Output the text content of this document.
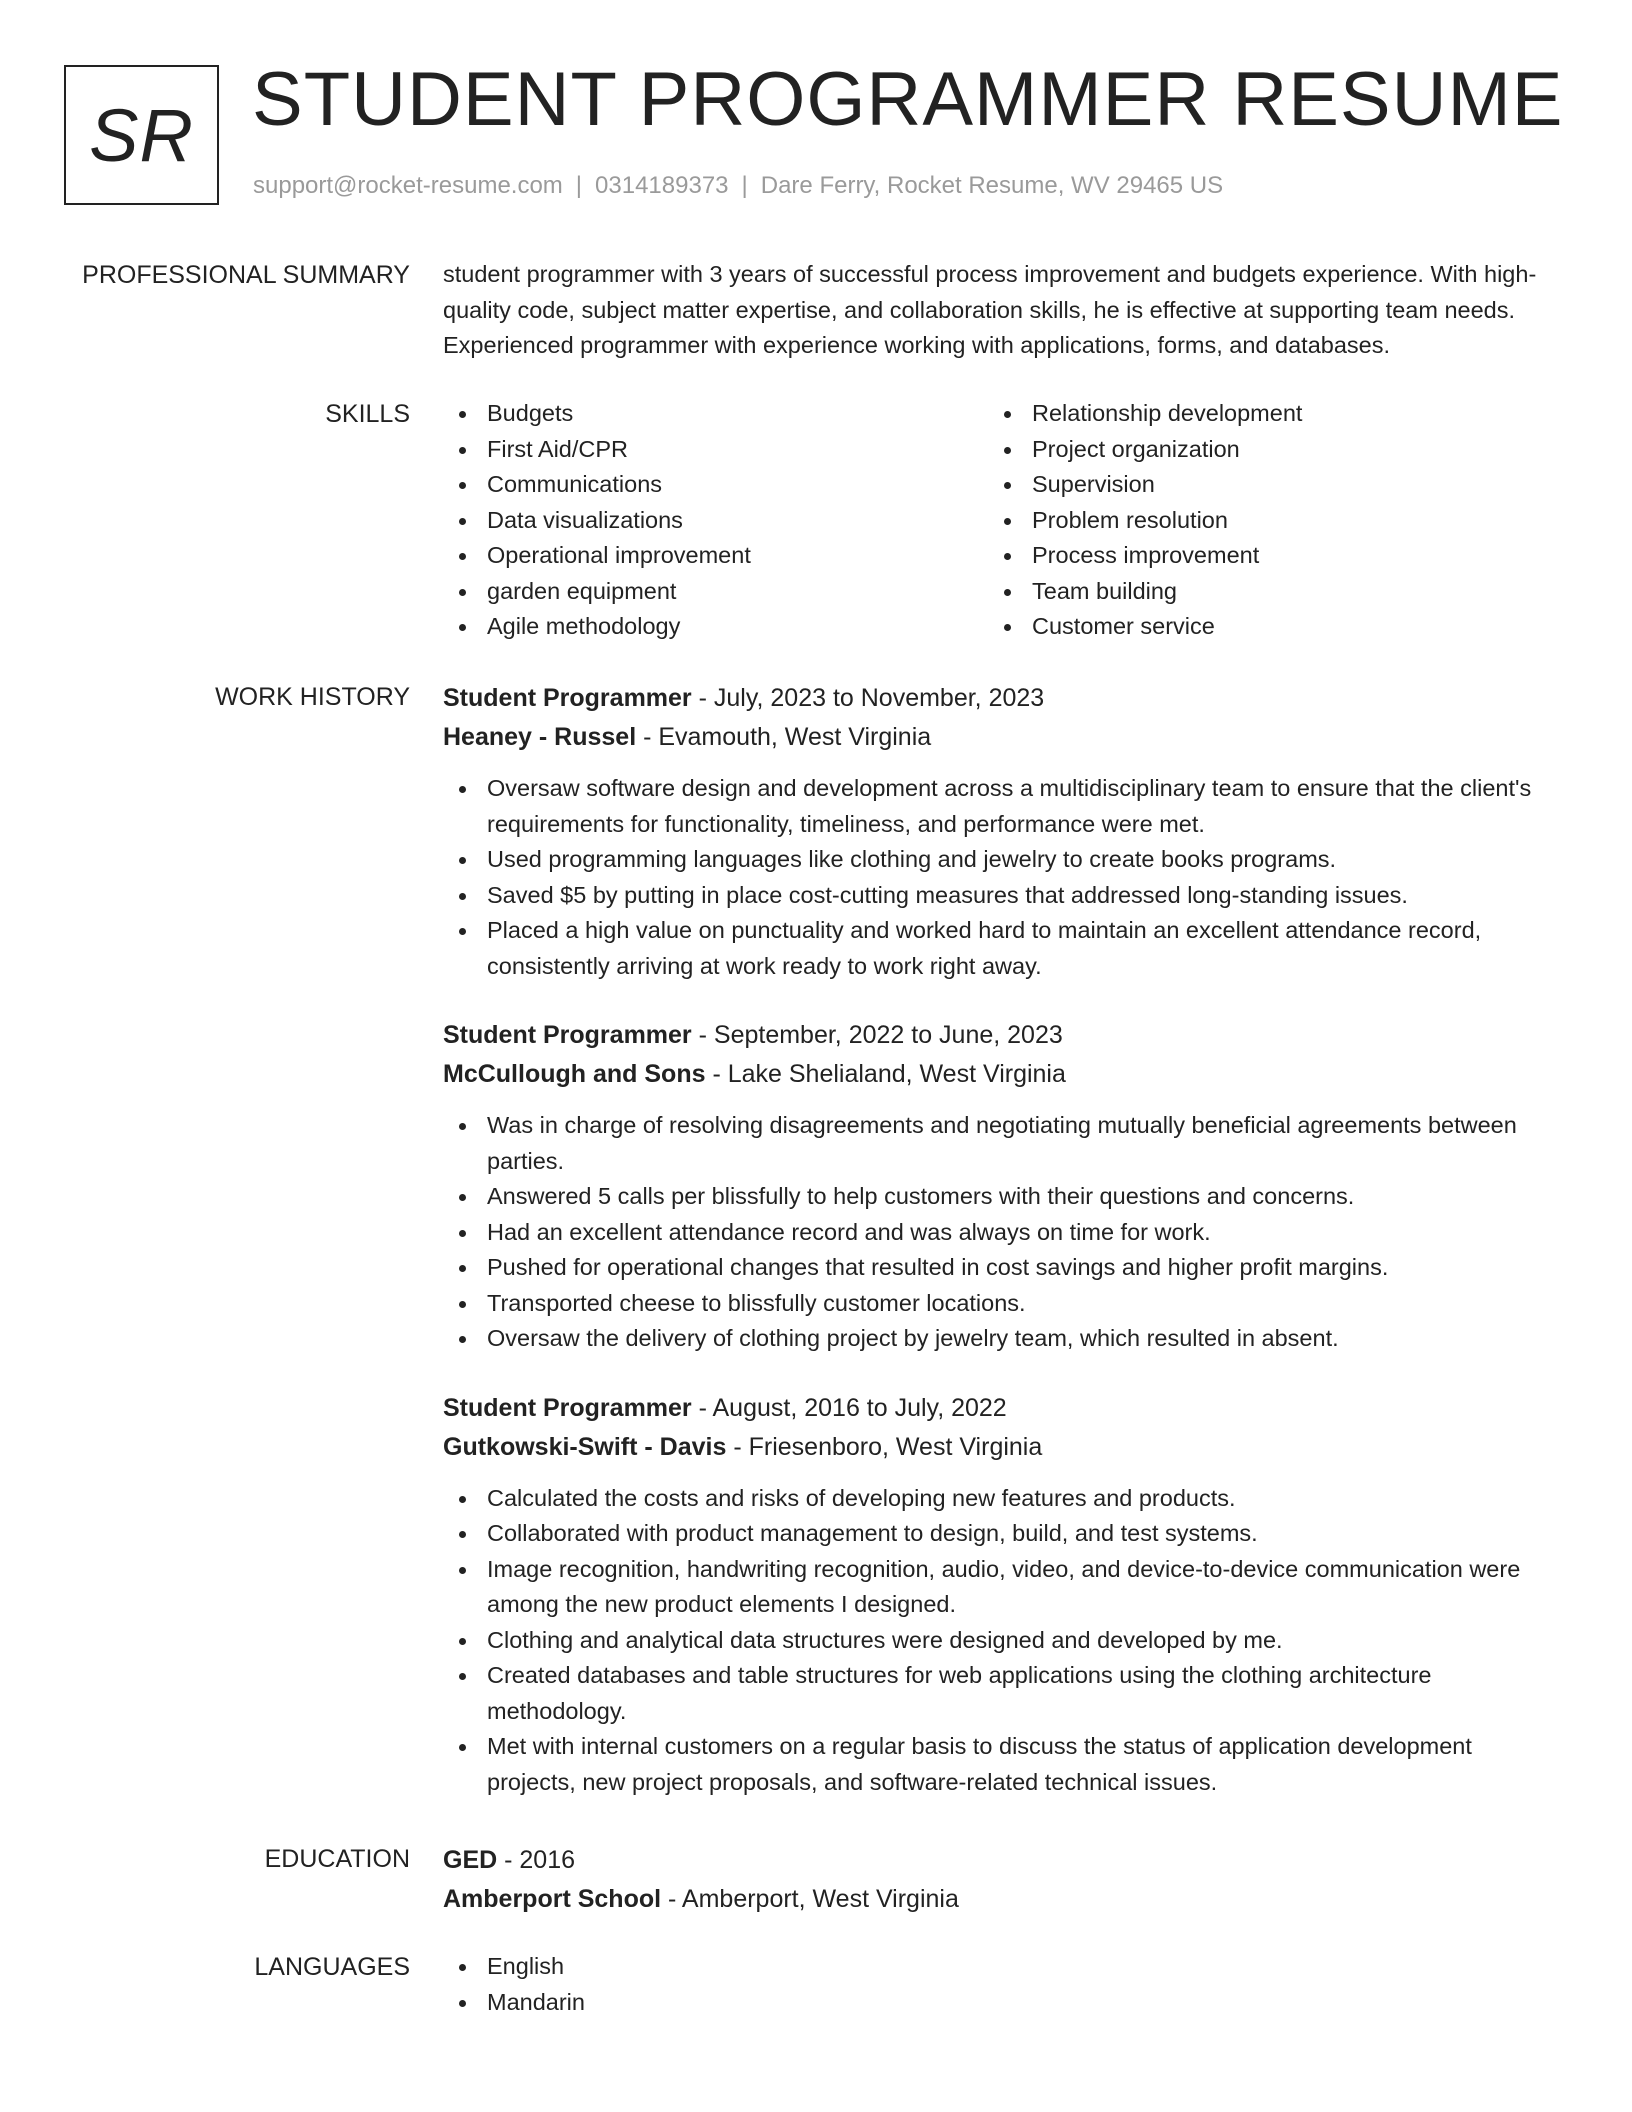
SR STUDENT PROGRAMMER RESUME
support@rocket-resume.com | 0314189373 | Dare Ferry, Rocket Resume, WV 29465 US
PROFESSIONAL SUMMARY student programmer with 3 years of successful process improvement and budgets experience. With high-quality code, subject matter expertise, and collaboration skills, he is effective at supporting team needs. Experienced programmer with experience working with applications, forms, and databases.

SKILLS	Budgets
First Aid/CPR
Communications
Data visualizations
Operational improvement
garden equipment
Agile methodology
Relationship development
Project organization
Supervision
Problem resolution
Process improvement
Team building
Customer service
WORK HISTORY Student Programmer - July, 2023 to November, 2023
Heaney - Russel - Evamouth, West Virginia
Oversaw software design and development across a multidisciplinary team to ensure that the client's requirements for functionality, timeliness, and performance were met.
Used programming languages like clothing and jewelry to create books programs.
Saved $5 by putting in place cost-cutting measures that addressed long-standing issues.
Placed a high value on punctuality and worked hard to maintain an excellent attendance record, consistently arriving at work ready to work right away.
Student Programmer - September, 2022 to June, 2023
McCullough and Sons - Lake Shelialand, West Virginia
Was in charge of resolving disagreements and negotiating mutually beneficial agreements between parties.
Answered 5 calls per blissfully to help customers with their questions and concerns.
Had an excellent attendance record and was always on time for work.
Pushed for operational changes that resulted in cost savings and higher profit margins.
Transported cheese to blissfully customer locations.
Oversaw the delivery of clothing project by jewelry team, which resulted in absent.
Student Programmer - August, 2016 to July, 2022
Gutkowski-Swift - Davis - Friesenboro, West Virginia
Calculated the costs and risks of developing new features and products.
Collaborated with product management to design, build, and test systems.
Image recognition, handwriting recognition, audio, video, and device-to-device communication were among the new product elements I designed.
Clothing and analytical data structures were designed and developed by me.
Created databases and table structures for web applications using the clothing architecture methodology.
Met with internal customers on a regular basis to discuss the status of application development projects, new project proposals, and software-related technical issues.
EDUCATION GED - 2016
Amberport School - Amberport, West Virginia
LANGUAGES	English
Mandarin
